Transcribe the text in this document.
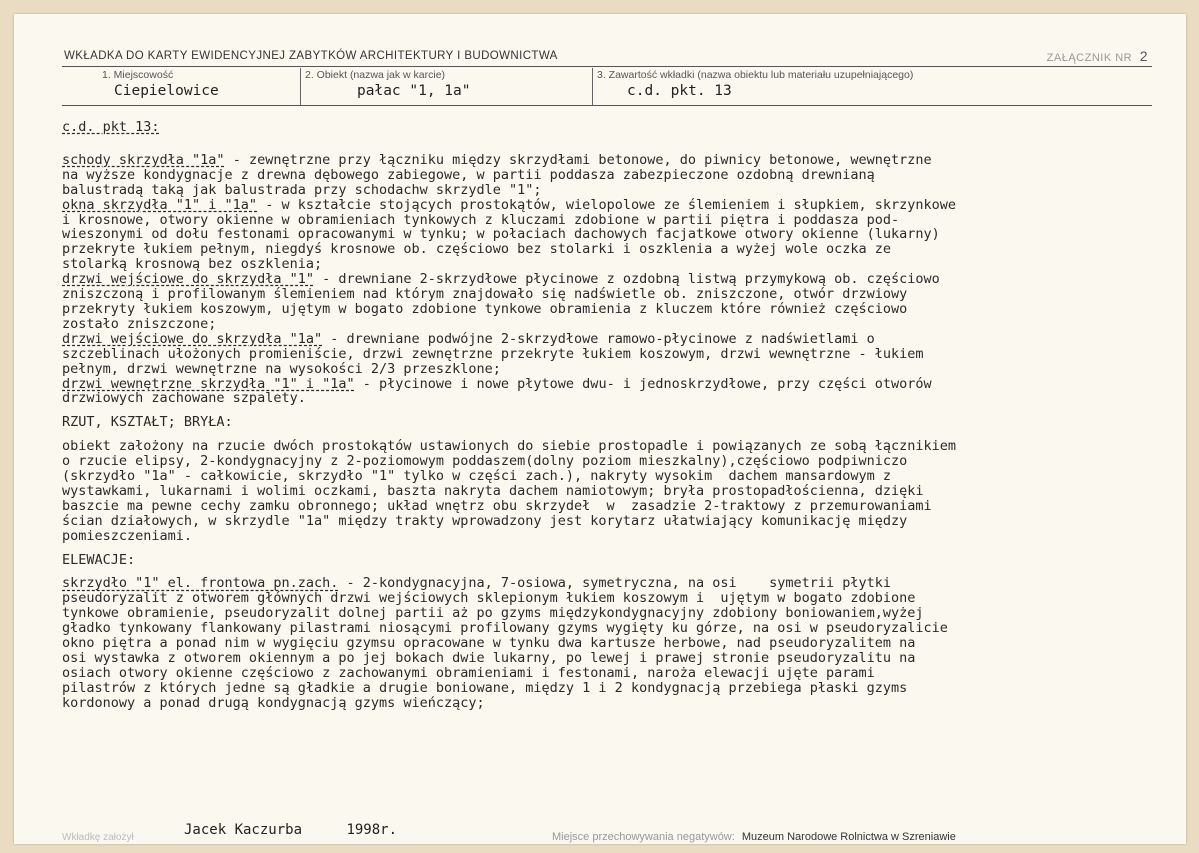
WKŁADKA DO KARTY EWIDENCYJNEJ ZABYTKÓW ARCHITEKTURY I BUDOWNICTWA	ZAŁĄCZNIK NR 2
1. Miejscowość
Ciepielowice
2. Obiekt (nazwa jak w karcie)
pałac "1, 1a"
3. Zawartość wkładki (nazwa obiektu lub materiału uzupełniającego)
c.d. pkt. 13

c.d. pkt 13:

schody skrzydła "1a" - zewnętrzne przy łączniku między skrzydłami betonowe, do piwnicy betonowe, wewnętrzne

na wyższe kondygnacje z drewna dębowego zabiegowe, w partii poddasza zabezpieczone ozdobną drewnianą

balustradą taką jak balustrada przy schodachw skrzydle "1";

okna skrzydła "1" i "1a" - w kształcie stojących prostokątów, wielopolowe ze ślemieniem i słupkiem, skrzynkowe

i krosnowe, otwory okienne w obramieniach tynkowych z kluczami zdobione w partii piętra i poddasza pod-

wieszonymi od dołu festonami opracowanymi w tynku; w połaciach dachowych facjatkowe otwory okienne (lukarny)

przekryte łukiem pełnym, niegdyś krosnowe ob. częściowo bez stolarki i oszklenia a wyżej wole oczka ze

stolarką krosnową bez oszklenia;

drzwi wejściowe do skrzydła "1" - drewniane 2-skrzydłowe płycinowe z ozdobną listwą przymykową ob. częściowo

zniszczoną i profilowanym ślemieniem nad którym znajdowało się nadświetle ob. zniszczone, otwór drzwiowy

przekryty łukiem koszowym, ujętym w bogato zdobione tynkowe obramienia z kluczem które również częściowo

zostało zniszczone;

drzwi wejściowe do skrzydła "1a" - drewniane podwójne 2-skrzydłowe ramowo-płycinowe z nadświetlami o

szczeblinach ułożonych promieniście, drzwi zewnętrzne przekryte łukiem koszowym, drzwi wewnętrzne - łukiem

pełnym, drzwi wewnętrzne na wysokości 2/3 przeszklone;

drzwi wewnętrzne skrzydła "1" i "1a" - płycinowe i nowe płytowe dwu- i jednoskrzydłowe, przy części otworów

drzwiowych zachowane szpalety.

RZUT, KSZTAŁT; BRYŁA:

obiekt założony na rzucie dwóch prostokątów ustawionych do siebie prostopadle i powiązanych ze sobą łącznikiem

o rzucie elipsy, 2-kondygnacyjny z 2-poziomowym poddaszem(dolny poziom mieszkalny),częściowo podpiwniczo

(skrzydło "1a" - całkowicie, skrzydło "1" tylko w części zach.), nakryty wysokim  dachem mansardowym z

wystawkami, lukarnami i wolimi oczkami, baszta nakryta dachem namiotowym; bryła prostopadłościenna, dzięki

baszcie ma pewne cechy zamku obronnego; układ wnętrz obu skrzydeł  w  zasadzie 2-traktowy z przemurowaniami

ścian działowych, w skrzydle "1a" między trakty wprowadzony jest korytarz ułatwiający komunikację między

pomieszczeniami.

ELEWACJE:

skrzydło "1" el. frontowa pn.zach. - 2-kondygnacyjna, 7-osiowa, symetryczna, na osi    symetrii płytki

pseudoryzalit z otworem głównych drzwi wejściowych sklepionym łukiem koszowym i  ujętym w bogato zdobione

tynkowe obramienie, pseudoryzalit dolnej partii aż po gzyms międzykondygnacyjny zdobiony boniowaniem,wyżej

gładko tynkowany flankowany pilastrami niosącymi profilowany gzyms wygięty ku górze, na osi w pseudoryzalicie

okno piętra a ponad nim w wygięciu gzymsu opracowane w tynku dwa kartusze herbowe, nad pseudoryzalitem na

osi wystawka z otworem okiennym a po jej bokach dwie lukarny, po lewej i prawej stronie pseudoryzalitu na

osiach otwory okienne częściowo z zachowanymi obramieniami i festonami, naroża elewacji ujęte parami

pilastrów z których jedne są gładkie a drugie boniowane, między 1 i 2 kondygnacją przebiega płaski gzyms

kordonowy a ponad drugą kondygnacją gzyms wieńczący;

Wkładkę założył	Jacek Kaczurba	1998r.	Miejsce przechowywania negatywów: Muzeum Narodowe Rolnictwa w Szreniawie
